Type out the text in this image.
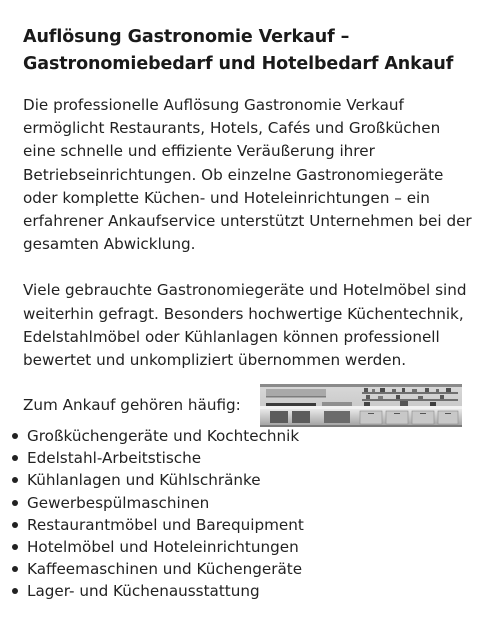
Auflösung Gastronomie Verkauf –
Gastronomiebedarf und Hotelbedarf Ankauf

Die professionelle Auflösung Gastronomie Verkauf
ermöglicht Restaurants, Hotels, Cafés und Großküchen
eine schnelle und effiziente Veräußerung ihrer
Betriebseinrichtungen. Ob einzelne Gastronomiegeräte
oder komplette Küchen- und Hoteleinrichtungen – ein
erfahrener Ankaufservice unterstützt Unternehmen bei der
gesamten Abwicklung.

Viele gebrauchte Gastronomiegeräte und Hotelmöbel sind
weiterhin gefragt. Besonders hochwertige Küchentechnik,
Edelstahlmöbel oder Kühlanlagen können professionell
bewertet und unkompliziert übernommen werden.

Zum Ankauf gehören häufig:
Großküchengeräte und Kochtechnik
Edelstahl-Arbeitstische
Kühlanlagen und Kühlschränke
Gewerbespülmaschinen
Restaurantmöbel und Barequipment
Hotelmöbel und Hoteleinrichtungen
Kaffeemaschinen und Küchengeräte
Lager- und Küchenausstattung
